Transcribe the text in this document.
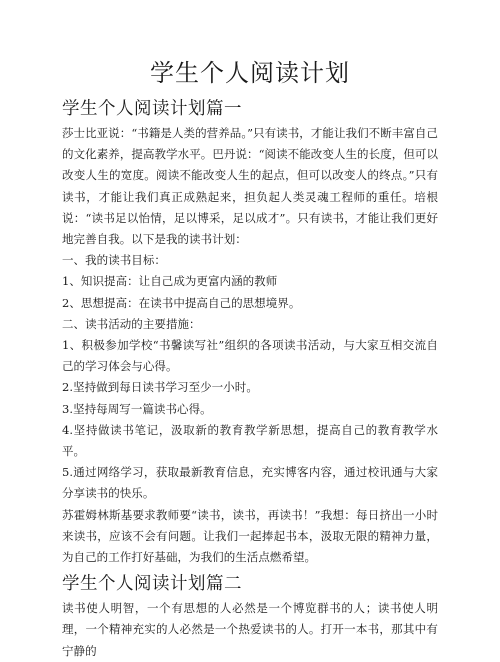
学生个人阅读计划
学生个人阅读计划篇一

莎士比亚说：“书籍是人类的营养品。”只有读书，才能让我们不断丰富自己的文化素养，提高教学水平。巴丹说：“阅读不能改变人生的长度，但可以改变人生的宽度。阅读不能改变人生的起点，但可以改变人的终点。”只有读书，才能让我们真正成熟起来，担负起人类灵魂工程师的重任。培根说：“读书足以怡情，足以博采，足以成才”。只有读书，才能让我们更好地完善自我。以下是我的读书计划：

一、我的读书目标：

1、知识提高：让自己成为更富内涵的教师

2、思想提高：在读书中提高自己的思想境界。

二、读书活动的主要措施：

1、积极参加学校“书馨读写社”组织的各项读书活动，与大家互相交流自己的学习体会与心得。

2.坚持做到每日读书学习至少一小时。

3.坚持每周写一篇读书心得。

4.坚持做读书笔记，汲取新的教育教学新思想，提高自己的教育教学水平。

5.通过网络学习，获取最新教育信息，充实博客内容，通过校讯通与大家分享读书的快乐。

苏霍姆林斯基要求教师要“读书，读书，再读书！”我想：每日挤出一小时来读书，应该不会有问题。让我们一起捧起书本，汲取无限的精神力量，为自己的工作打好基础，为我们的生活点燃希望。

学生个人阅读计划篇二

读书使人明智，一个有思想的人必然是一个博览群书的人；读书使人明理，一个精神充实的人必然是一个热爱读书的人。打开一本书，那其中有宁静的
